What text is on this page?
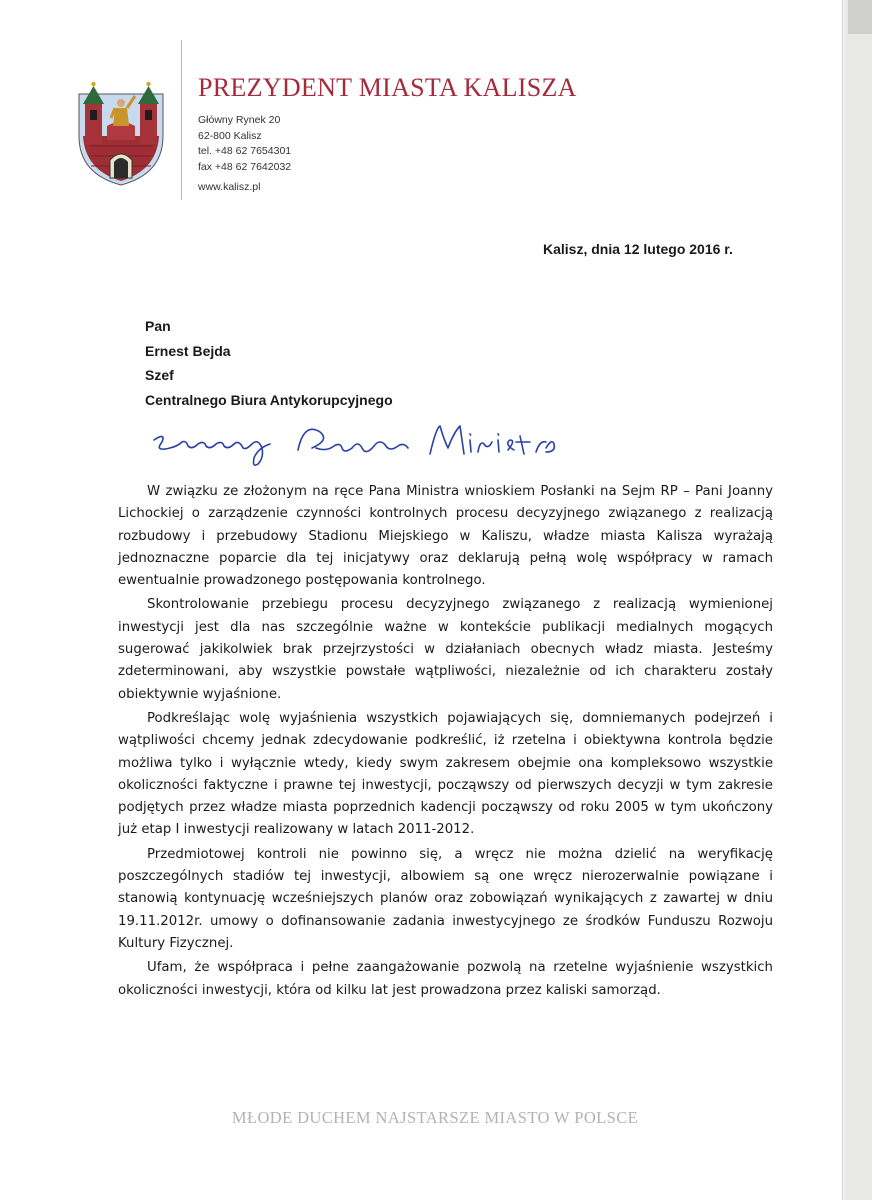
PREZYDENT MIASTA KALISZA
Główny Rynek 20
62-800 Kalisz
tel. +48 62 7654301
fax +48 62 7642032
www.kalisz.pl
Kalisz, dnia 12 lutego 2016 r.
Pan
Ernest Bejda
Szef
Centralnego Biura Antykorupcyjnego

W związku ze złożonym na ręce Pana Ministra wnioskiem Posłanki na Sejm RP – Pani Joanny Lichockiej o zarządzenie czynności kontrolnych procesu decyzyjnego związanego z realizacją rozbudowy i przebudowy Stadionu Miejskiego w Kaliszu, władze miasta Kalisza wyrażają jednoznaczne poparcie dla tej inicjatywy oraz deklarują pełną wolę współpracy w ramach ewentualnie prowadzonego postępowania kontrolnego.

Skontrolowanie przebiegu procesu decyzyjnego związanego z realizacją wymienionej inwestycji jest dla nas szczególnie ważne w kontekście publikacji medialnych mogących sugerować jakikolwiek brak przejrzystości w działaniach obecnych władz miasta. Jesteśmy zdeterminowani, aby wszystkie powstałe wątpliwości, niezależnie od ich charakteru zostały obiektywnie wyjaśnione.

Podkreślając wolę wyjaśnienia wszystkich pojawiających się, domniemanych podejrzeń i wątpliwości chcemy jednak zdecydowanie podkreślić, iż rzetelna i obiektywna kontrola będzie możliwa tylko i wyłącznie wtedy, kiedy swym zakresem obejmie ona kompleksowo wszystkie okoliczności faktyczne i prawne tej inwestycji, począwszy od pierwszych decyzji w tym zakresie podjętych przez władze miasta poprzednich kadencji począwszy od roku 2005 w tym ukończony już etap I inwestycji realizowany w latach 2011-2012.

Przedmiotowej kontroli nie powinno się, a wręcz nie można dzielić na weryfikację poszczególnych stadiów tej inwestycji, albowiem są one wręcz nierozerwalnie powiązane i stanowią kontynuację wcześniejszych planów oraz zobowiązań wynikających z zawartej w dniu 19.11.2012r. umowy o dofinansowanie zadania inwestycyjnego ze środków Funduszu Rozwoju Kultury Fizycznej.

Ufam, że współpraca i pełne zaangażowanie pozwolą na rzetelne wyjaśnienie wszystkich okoliczności inwestycji, która od kilku lat jest prowadzona przez kaliski samorząd.

MŁODE DUCHEM NAJSTARSZE MIASTO W POLSCE
